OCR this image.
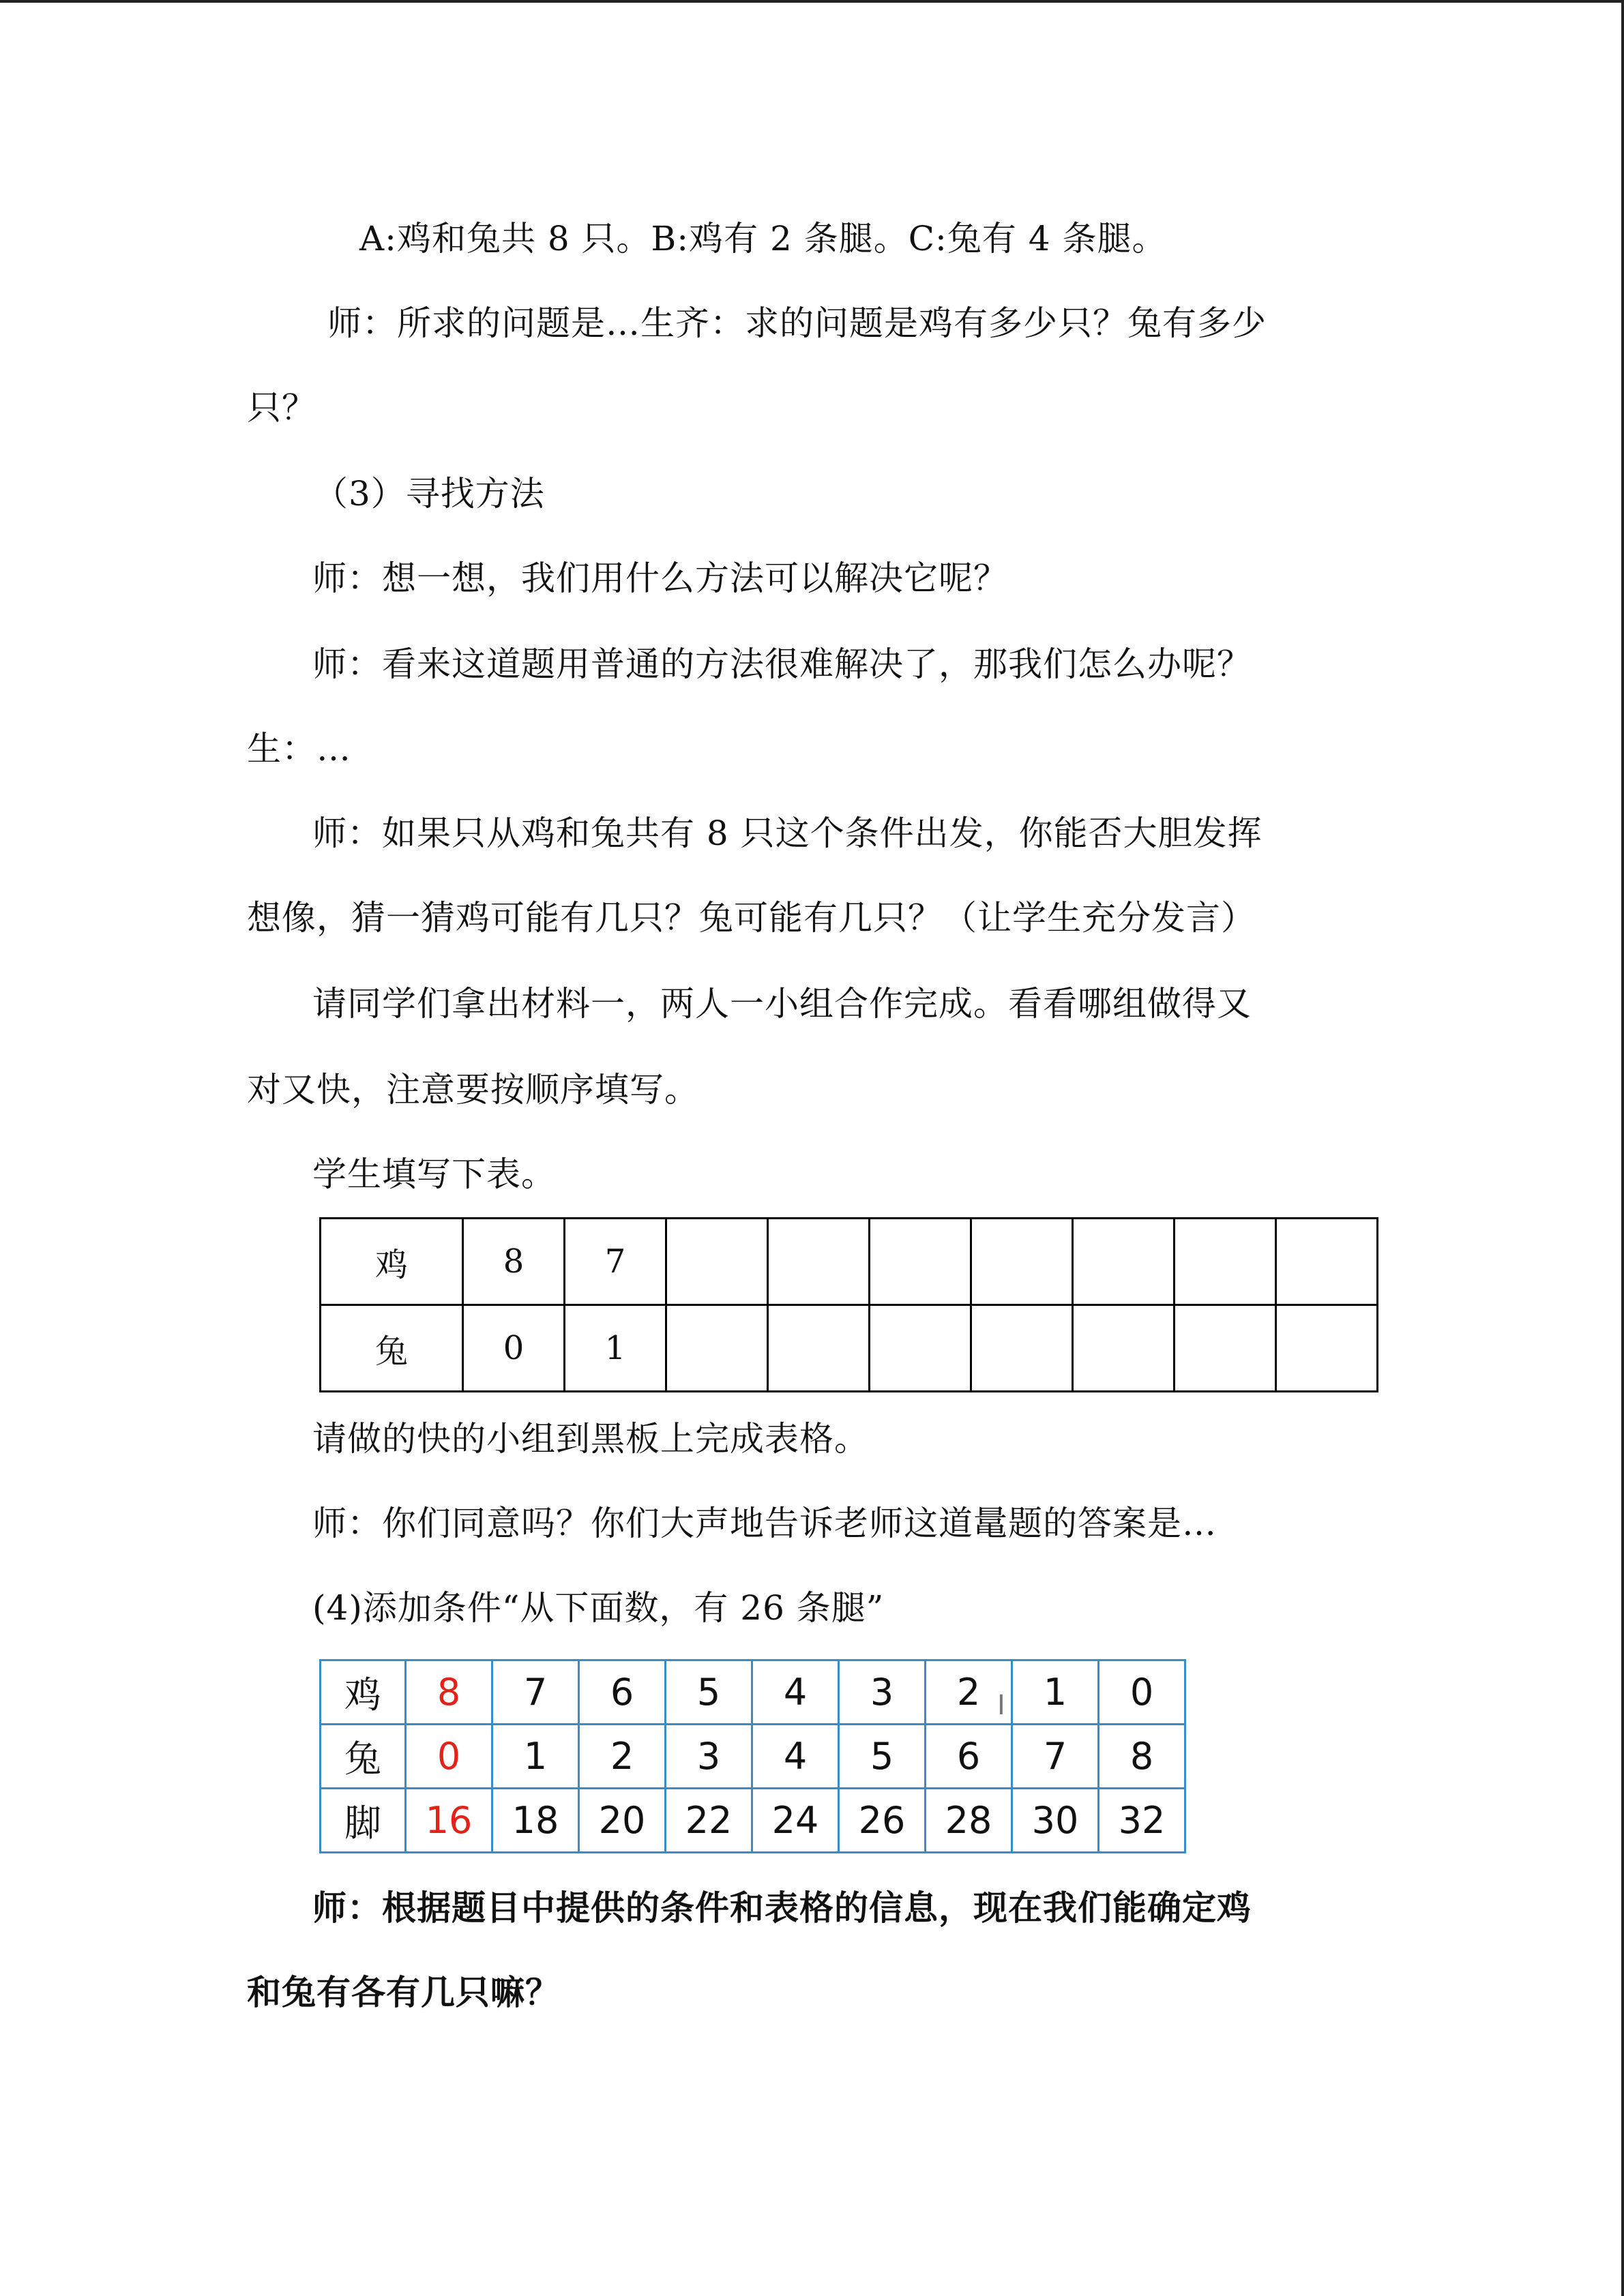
A:鸡和兔共 8 只。B:鸡有 2 条腿。C:兔有 4 条腿。
师：所求的问题是…生齐：求的问题是鸡有多少只？兔有多少
只？
（3）寻找方法
师：想一想，我们用什么方法可以解决它呢？
师：看来这道题用普通的方法很难解决了，那我们怎么办呢？
生：…
师：如果只从鸡和兔共有 8 只这个条件出发，你能否大胆发挥
想像，猜一猜鸡可能有几只？兔可能有几只？（让学生充分发言）
请同学们拿出材料一，两人一小组合作完成。看看哪组做得又
对又快，注意要按顺序填写。
学生填写下表。
鸡	8	7							
兔	0	1							
请做的快的小组到黑板上完成表格。
师：你们同意吗？你们大声地告诉老师这道鼌题的答案是…
(4)添加条件“从下面数，有 26 条腿”
鸡	8	7	6	5	4	3	2	1	0
兔	0	1	2	3	4	5	6	7	8
脚	16	18	20	22	24	26	28	30	32
I
师：根据题目中提供的条件和表格的信息，现在我们能确定鸡
和兔有各有几只嘛？
